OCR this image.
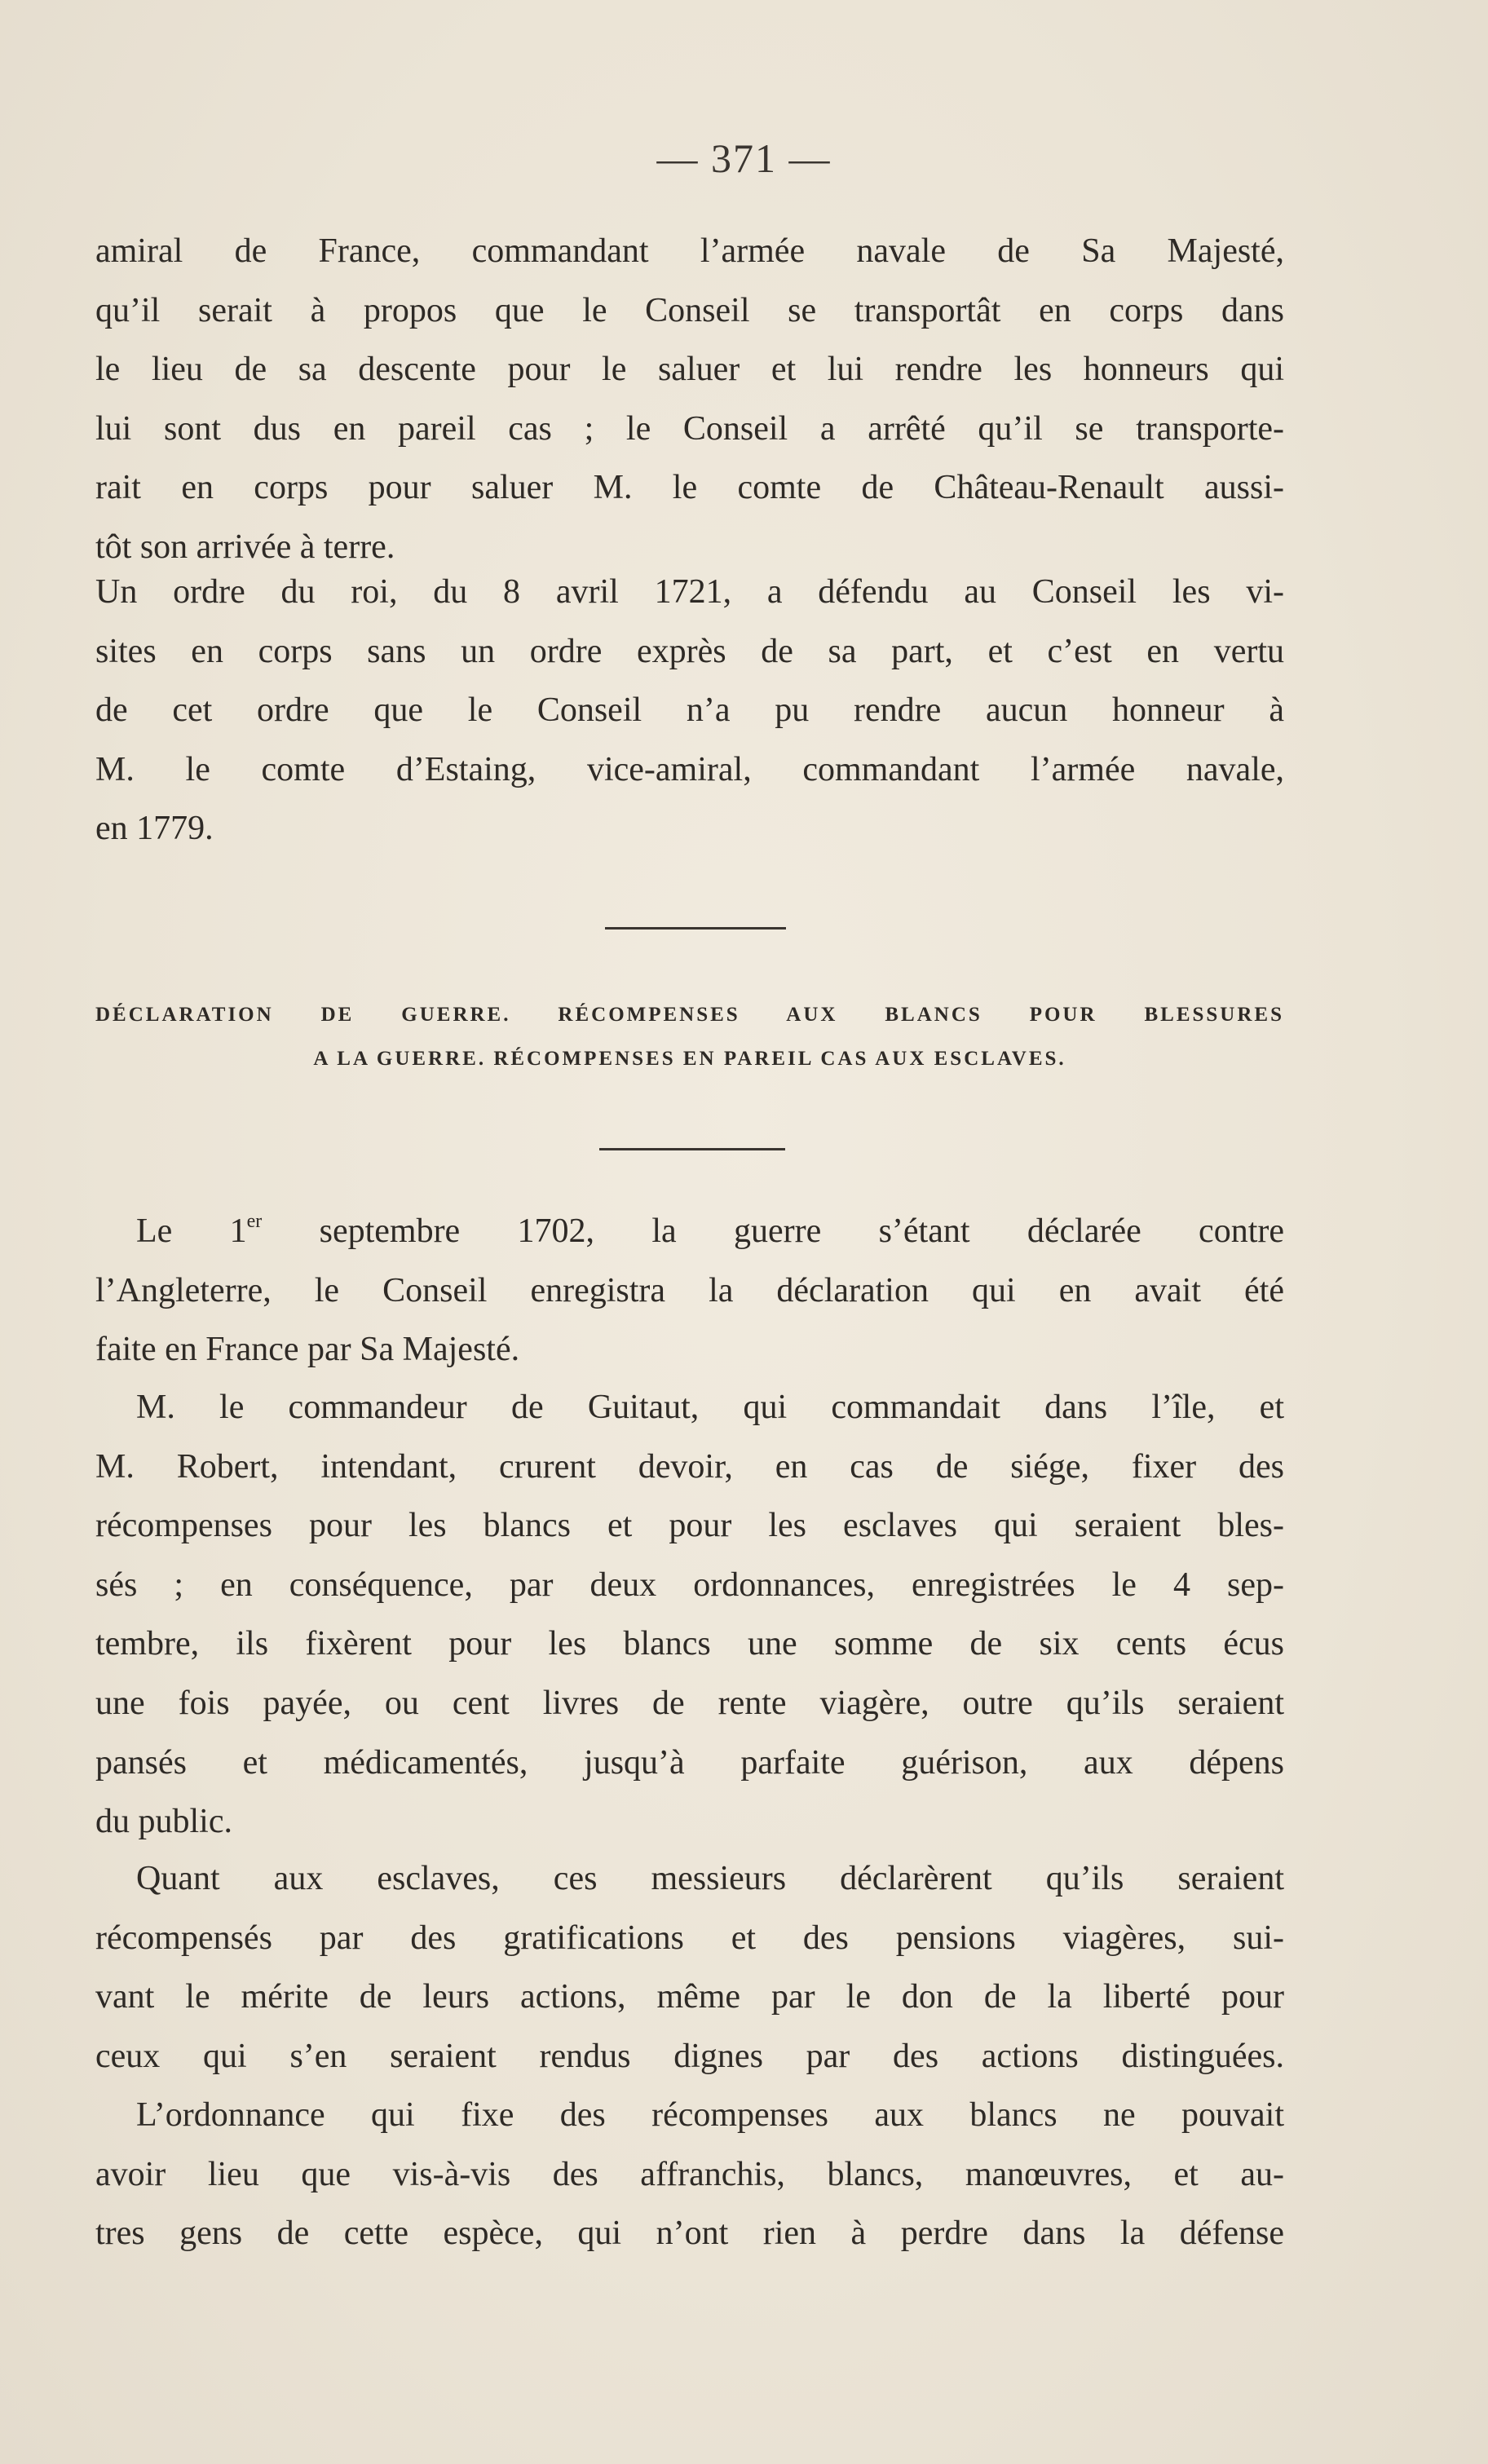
— 371 —
amiral de France, commandant l’armée navale de Sa Majesté,
qu’il serait à propos que le Conseil se transportât en corps dans
le lieu de sa descente pour le saluer et lui rendre les honneurs qui
lui sont dus en pareil cas ; le Conseil a arrêté qu’il se transporte-
rait en corps pour saluer M. le comte de Château-Renault aussi-
tôt son arrivée à terre.
Un ordre du roi, du 8 avril 1721, a défendu au Conseil les vi-
sites en corps sans un ordre exprès de sa part, et c’est en vertu
de cet ordre que le Conseil n’a pu rendre aucun honneur à
M. le comte d’Estaing, vice-amiral, commandant l’armée navale,
en 1779.
DÉCLARATION DE GUERRE. RÉCOMPENSES AUX BLANCS POUR BLESSURES
A LA GUERRE. RÉCOMPENSES EN PAREIL CAS AUX ESCLAVES.
Le 1er septembre 1702, la guerre s’étant déclarée contre
l’Angleterre, le Conseil enregistra la déclaration qui en avait été
faite en France par Sa Majesté.
M. le commandeur de Guitaut, qui commandait dans l’île, et
M. Robert, intendant, crurent devoir, en cas de siége, fixer des
récompenses pour les blancs et pour les esclaves qui seraient bles-
sés ; en conséquence, par deux ordonnances, enregistrées le 4 sep-
tembre, ils fixèrent pour les blancs une somme de six cents écus
une fois payée, ou cent livres de rente viagère, outre qu’ils seraient
pansés et médicamentés, jusqu’à parfaite guérison, aux dépens
du public.
Quant aux esclaves, ces messieurs déclarèrent qu’ils seraient
récompensés par des gratifications et des pensions viagères, sui-
vant le mérite de leurs actions, même par le don de la liberté pour
ceux qui s’en seraient rendus dignes par des actions distinguées.
L’ordonnance qui fixe des récompenses aux blancs ne pouvait
avoir lieu que vis-à-vis des affranchis, blancs, manœuvres, et au-
tres gens de cette espèce, qui n’ont rien à perdre dans la défense
